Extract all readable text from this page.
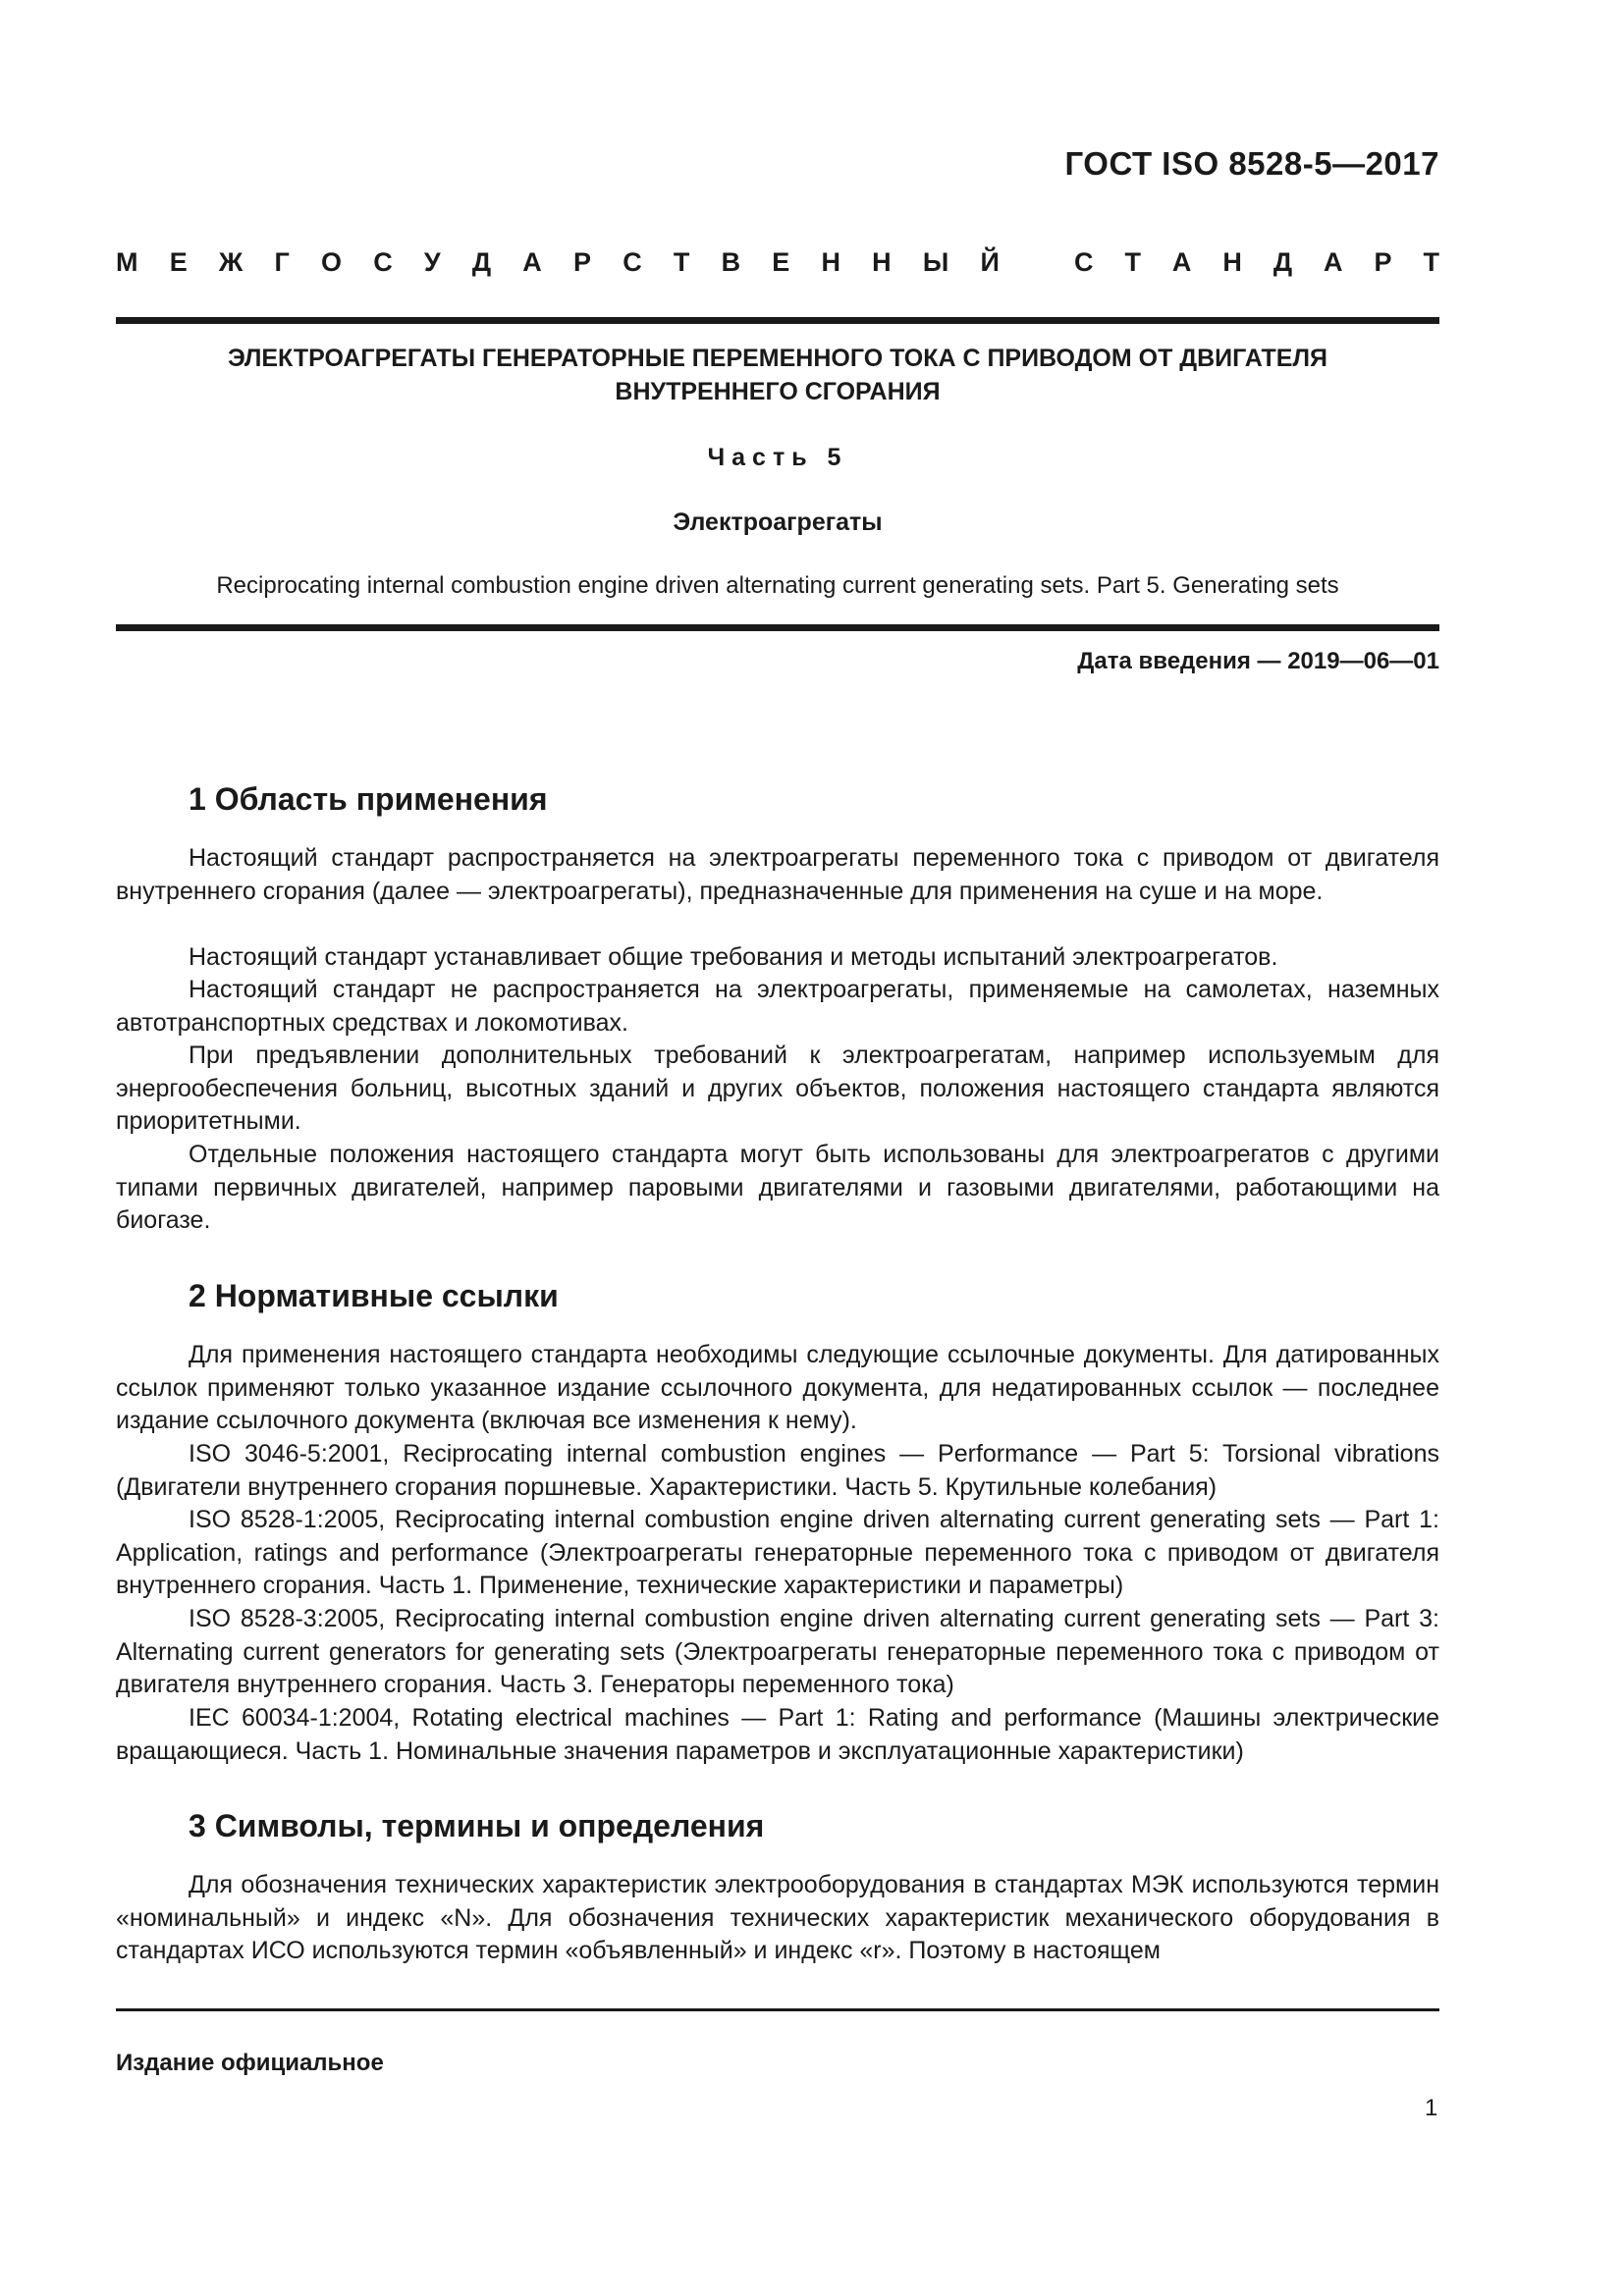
ГОСТ ISO 8528-5—2017
М Е Ж Г О С У Д А Р С Т В Е Н Н Ы Й	С Т А Н Д А Р Т
ЭЛЕКТРОАГРЕГАТЫ ГЕНЕРАТОРНЫЕ ПЕРЕМЕННОГО ТОКА С ПРИВОДОМ ОТ ДВИГАТЕЛЯ
ВНУТРЕННЕГО СГОРАНИЯ
Часть 5
Электроагрегаты
Reciprocating internal combustion engine driven alternating current generating sets. Part 5. Generating sets
Дата введения — 2019—06—01
1 Область применения

Настоящий стандарт распространяется на электроагрегаты переменного тока с приводом от двигателя внутреннего сгорания (далее — электроагрегаты), предназначенные для применения на суше и на море.

Настоящий стандарт устанавливает общие требования и методы испытаний электроагрегатов.

Настоящий стандарт не распространяется на электроагрегаты, применяемые на самолетах, наземных автотранспортных средствах и локомотивах.

При предъявлении дополнительных требований к электроагрегатам, например используемым для энергообеспечения больниц, высотных зданий и других объектов, положения настоящего стандарта являются приоритетными.

Отдельные положения настоящего стандарта могут быть использованы для электроагрегатов с другими типами первичных двигателей, например паровыми двигателями и газовыми двигателями, работающими на биогазе.

2 Нормативные ссылки

Для применения настоящего стандарта необходимы следующие ссылочные документы. Для датированных ссылок применяют только указанное издание ссылочного документа, для недатированных ссылок — последнее издание ссылочного документа (включая все изменения к нему).

ISO 3046-5:2001, Reciprocating internal combustion engines — Performance — Part 5: Torsional vibrations (Двигатели внутреннего сгорания поршневые. Характеристики. Часть 5. Крутильные колебания)

ISO 8528-1:2005, Reciprocating internal combustion engine driven alternating current generating sets — Part 1: Application, ratings and performance (Электроагрегаты генераторные переменного тока с приводом от двигателя внутреннего сгорания. Часть 1. Применение, технические характеристики и параметры)

ISO 8528-3:2005, Reciprocating internal combustion engine driven alternating current generating sets — Part 3: Alternating current generators for generating sets (Электроагрегаты генераторные переменного тока с приводом от двигателя внутреннего сгорания. Часть 3. Генераторы переменного тока)

IEC 60034-1:2004, Rotating electrical machines — Part 1: Rating and performance (Машины электрические вращающиеся. Часть 1. Номинальные значения параметров и эксплуатационные характеристики)

3 Символы, термины и определения

Для обозначения технических характеристик электрооборудования в стандартах МЭК используются термин «номинальный» и индекс «N». Для обозначения технических характеристик механического оборудования в стандартах ИСО используются термин «объявленный» и индекс «r». Поэтому в настоящем

Издание официальное
1
